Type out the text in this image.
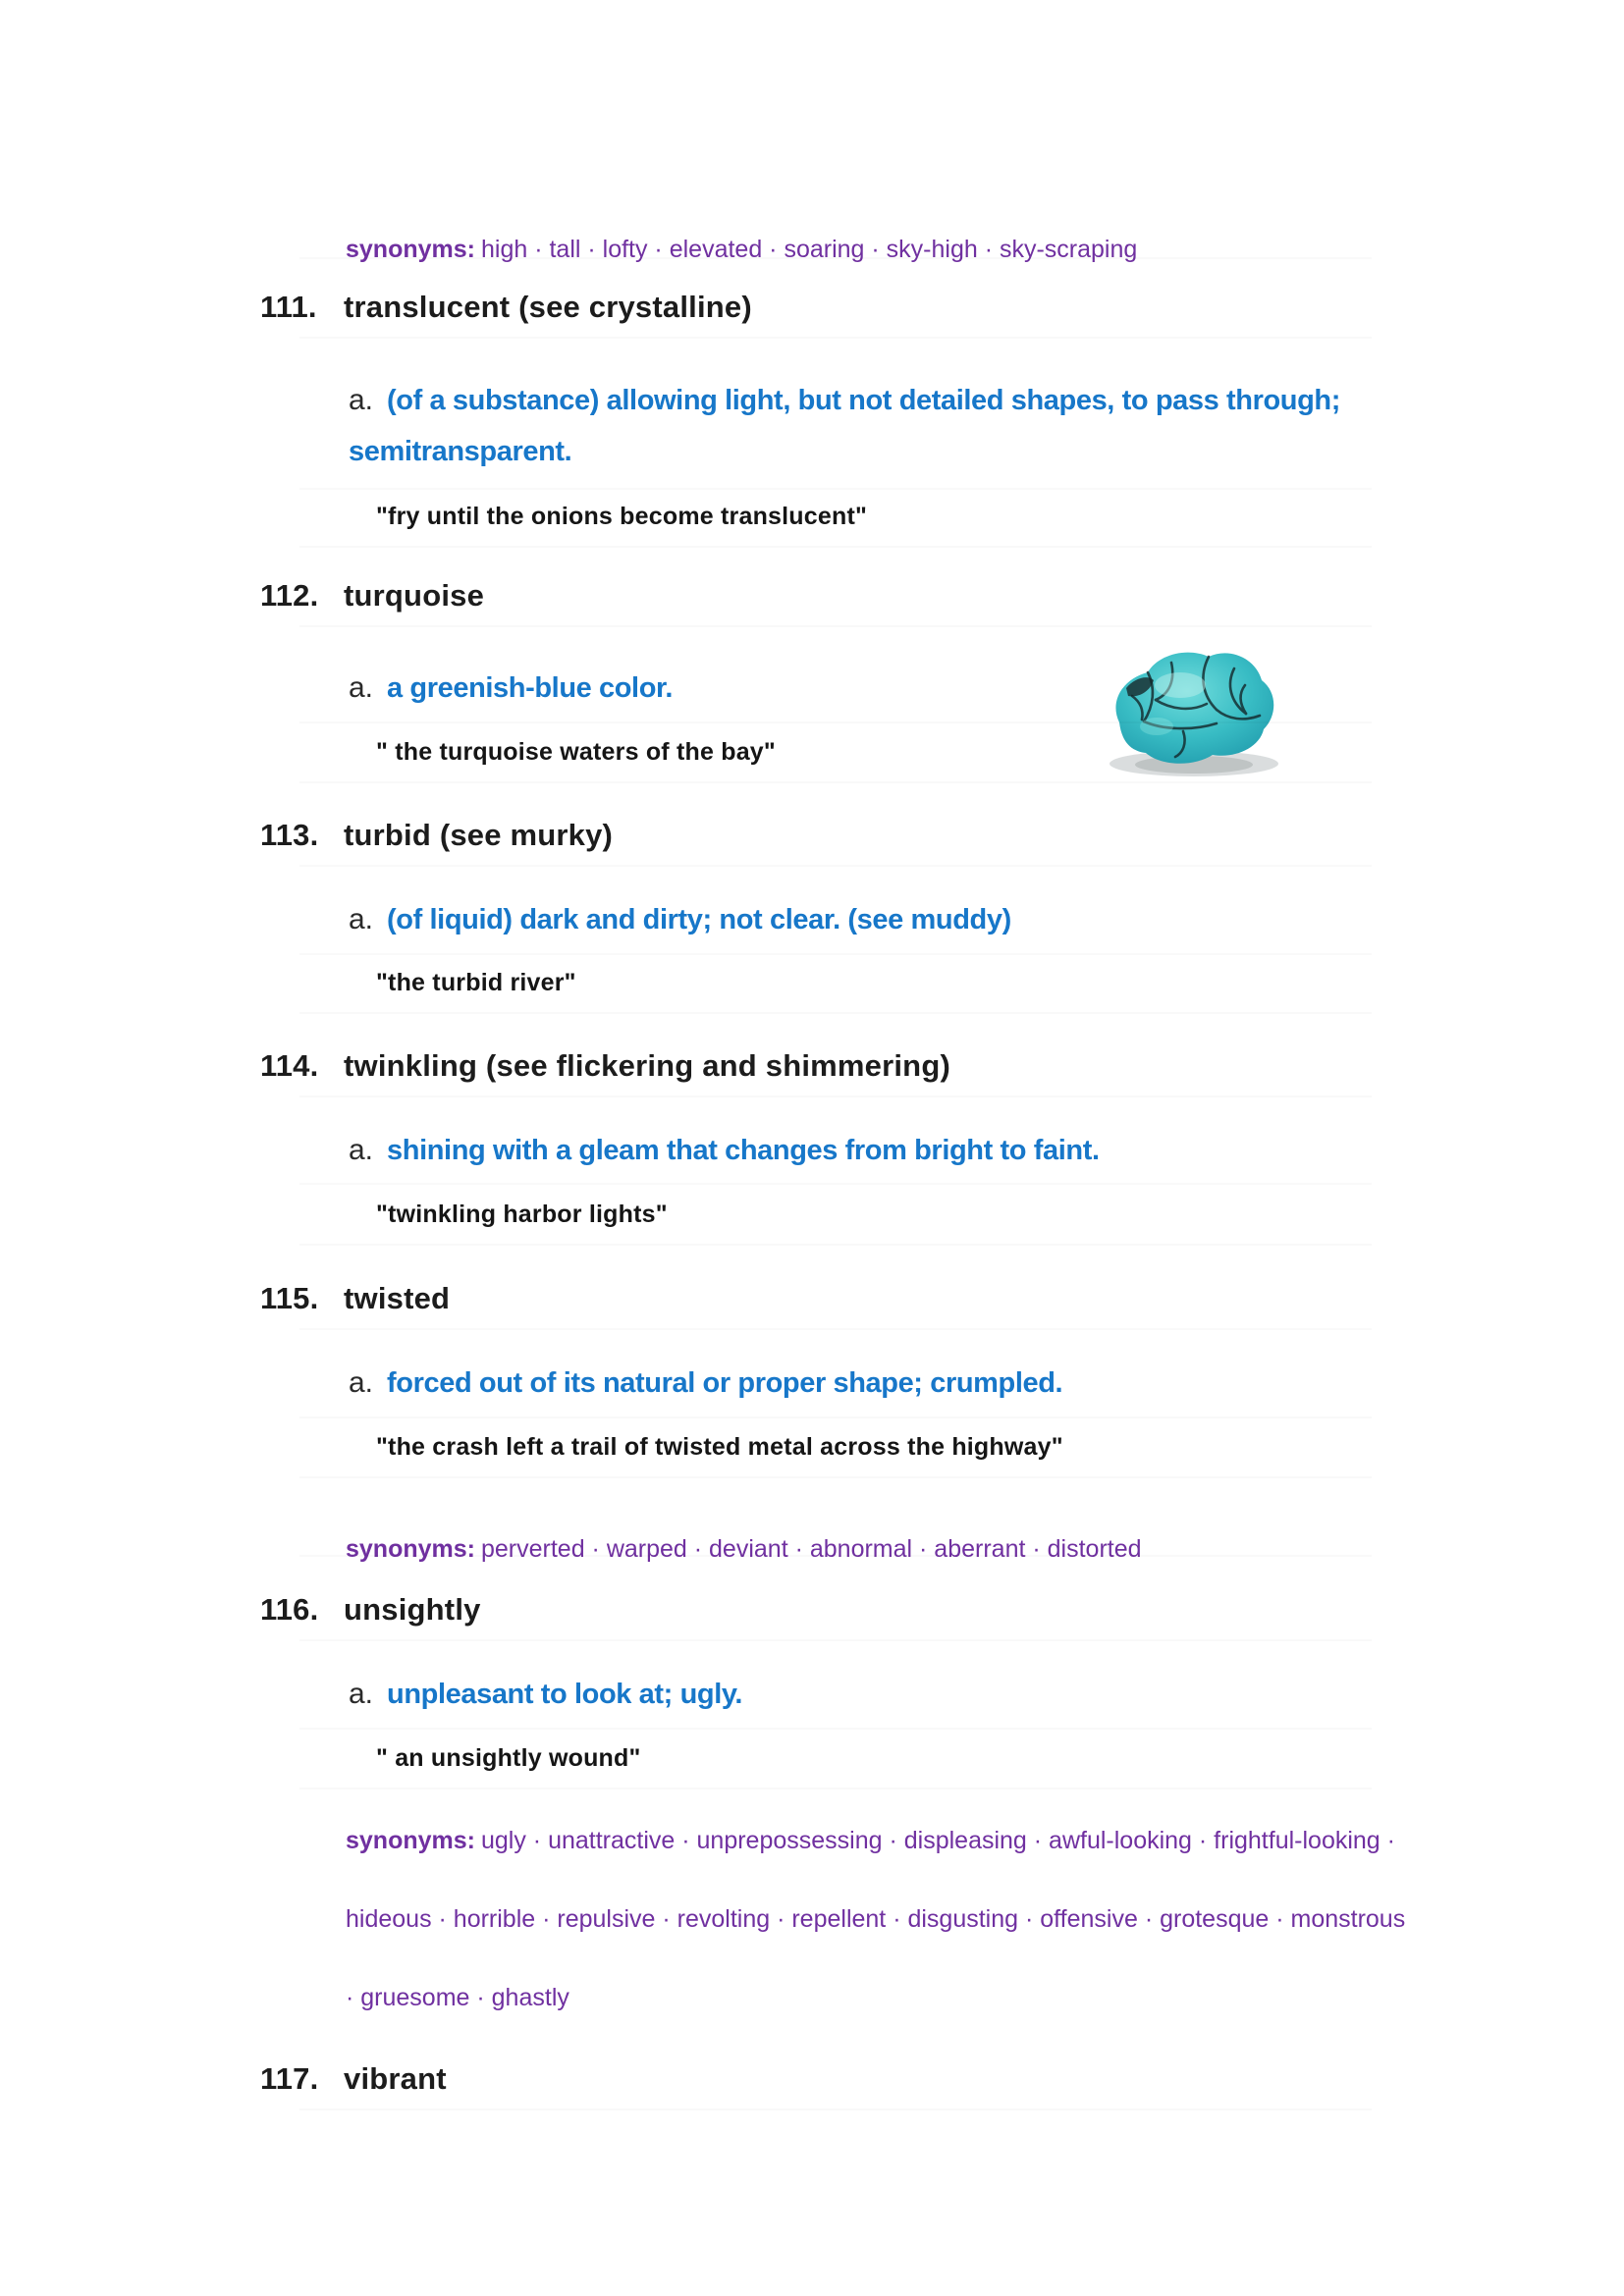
synonyms: high · tall · lofty · elevated · soaring · sky-high · sky-scraping
111. translucent (see crystalline)
a. (of a substance) allowing light, but not detailed shapes, to pass through; semitransparent.
"fry until the onions become translucent"
112. turquoise
a. a greenish-blue color.
" the turquoise waters of the bay"
113. turbid (see murky)
a. (of liquid) dark and dirty; not clear. (see muddy)
"the turbid river"
114. twinkling (see flickering and shimmering)
a. shining with a gleam that changes from bright to faint.
"twinkling harbor lights"
115. twisted
a. forced out of its natural or proper shape; crumpled.
"the crash left a trail of twisted metal across the highway"
synonyms: perverted · warped · deviant · abnormal · aberrant · distorted
116. unsightly
a. unpleasant to look at; ugly.
" an unsightly wound"
synonyms: ugly · unattractive · unprepossessing · displeasing · awful-looking · frightful-looking · hideous · horrible · repulsive · revolting · repellent · disgusting · offensive · grotesque · monstrous · gruesome · ghastly
117. vibrant
